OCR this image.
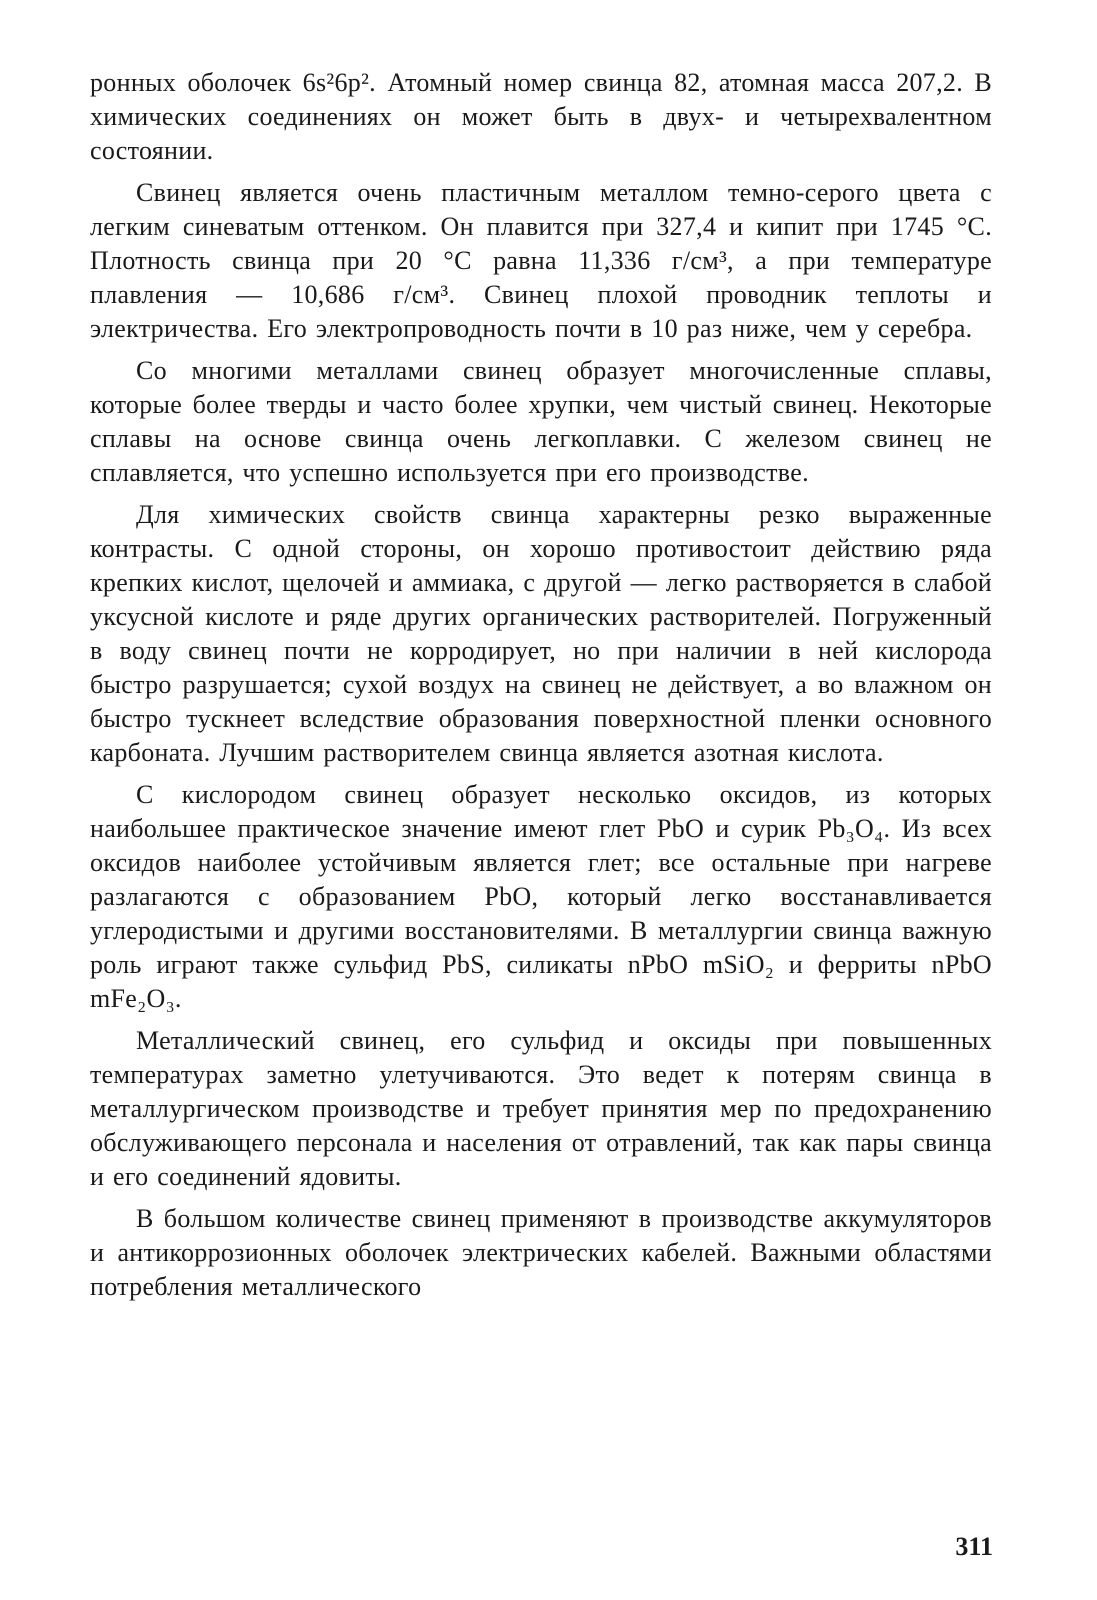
ронных оболочек 6s²6p². Атомный номер свинца 82, атомная масса 207,2. В химических соединениях он может быть в двух- и четырехвалентном состоянии.

Свинец является очень пластичным металлом темно-серого цвета с легким синеватым оттенком. Он плавится при 327,4 и кипит при 1745 °С. Плотность свинца при 20 °С равна 11,336 г/см³, а при температуре плавления — 10,686 г/см³. Свинец плохой проводник теплоты и электричества. Его электропроводность почти в 10 раз ниже, чем у серебра.

Со многими металлами свинец образует многочисленные сплавы, которые более тверды и часто более хрупки, чем чистый свинец. Некоторые сплавы на основе свинца очень легкоплавки. С железом свинец не сплавляется, что успешно используется при его производстве.

Для химических свойств свинца характерны резко выраженные контрасты. С одной стороны, он хорошо противостоит действию ряда крепких кислот, щелочей и аммиака, с другой — легко растворяется в слабой уксусной кислоте и ряде других органических растворителей. Погруженный в воду свинец почти не корродирует, но при наличии в ней кислорода быстро разрушается; сухой воздух на свинец не действует, а во влажном он быстро тускнеет вследствие образования поверхностной пленки основного карбоната. Лучшим растворителем свинца является азотная кислота.

С кислородом свинец образует несколько оксидов, из которых наибольшее практическое значение имеют глет PbO и сурик Pb₃O₄. Из всех оксидов наиболее устойчивым является глет; все остальные при нагреве разлагаются с образованием PbO, который легко восстанавливается углеродистыми и другими восстановителями. В металлургии свинца важную роль играют также сульфид PbS, силикаты nPbO mSiO₂ и ферриты nPbO mFe₂O₃.

Металлический свинец, его сульфид и оксиды при повышенных температурах заметно улетучиваются. Это ведет к потерям свинца в металлургическом производстве и требует принятия мер по предохранению обслуживающего персонала и населения от отравлений, так как пары свинца и его соединений ядовиты.

В большом количестве свинец применяют в производстве аккумуляторов и антикоррозионных оболочек электрических кабелей. Важными областями потребления металлического

311
